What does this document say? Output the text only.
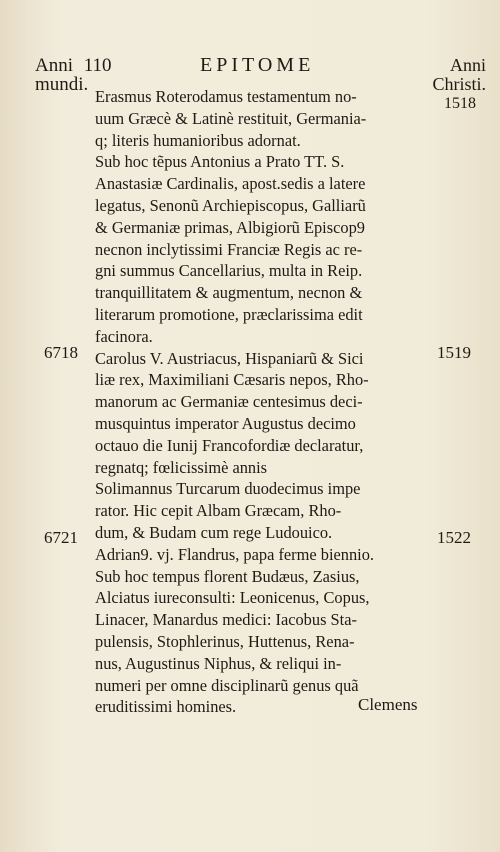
Anni 110
mundi.
EPITOME	Anni
Christi.
1518
6718
6721
1519
1522
Erasmus Roterodamus testamentum no-
uum Græcè & Latinè restituit, Germania-
q; literis humanioribus adornat.
Sub hoc tẽpus Antonius a Prato TT. S.
Anastasiæ Cardinalis, apost.sedis a latere
legatus, Senonũ Archiepiscopus, Galliarũ
& Germaniæ primas, Albigiorũ Episcop9
necnon inclytissimi Franciæ Regis ac re-
gni summus Cancellarius, multa in Reip.
tranquillitatem & augmentum, necnon &
literarum promotione, præclarissima edit
facinora.
Carolus V. Austriacus, Hispaniarũ & Sici
liæ rex, Maximiliani Cæsaris nepos, Rho-
manorum ac Germaniæ centesimus deci-
musquintus imperator Augustus decimo
octauo die Iunij Francofordiæ declaratur,
regnatq; fœlicissimè annis
Solimannus Turcarum duodecimus impe
rator. Hic cepit Albam Græcam, Rho-
dum, & Budam cum rege Ludouico.
Adrian9. vj. Flandrus, papa ferme biennio.
Sub hoc tempus florent Budæus, Zasius,
Alciatus iureconsulti: Leonicenus, Copus,
Linacer, Manardus medici: Iacobus Sta-
pulensis, Stophlerinus, Huttenus, Rena-
nus, Augustinus Niphus, & reliqui in-
numeri per omne disciplinarũ genus quã
eruditissimi homines.	Clemens
